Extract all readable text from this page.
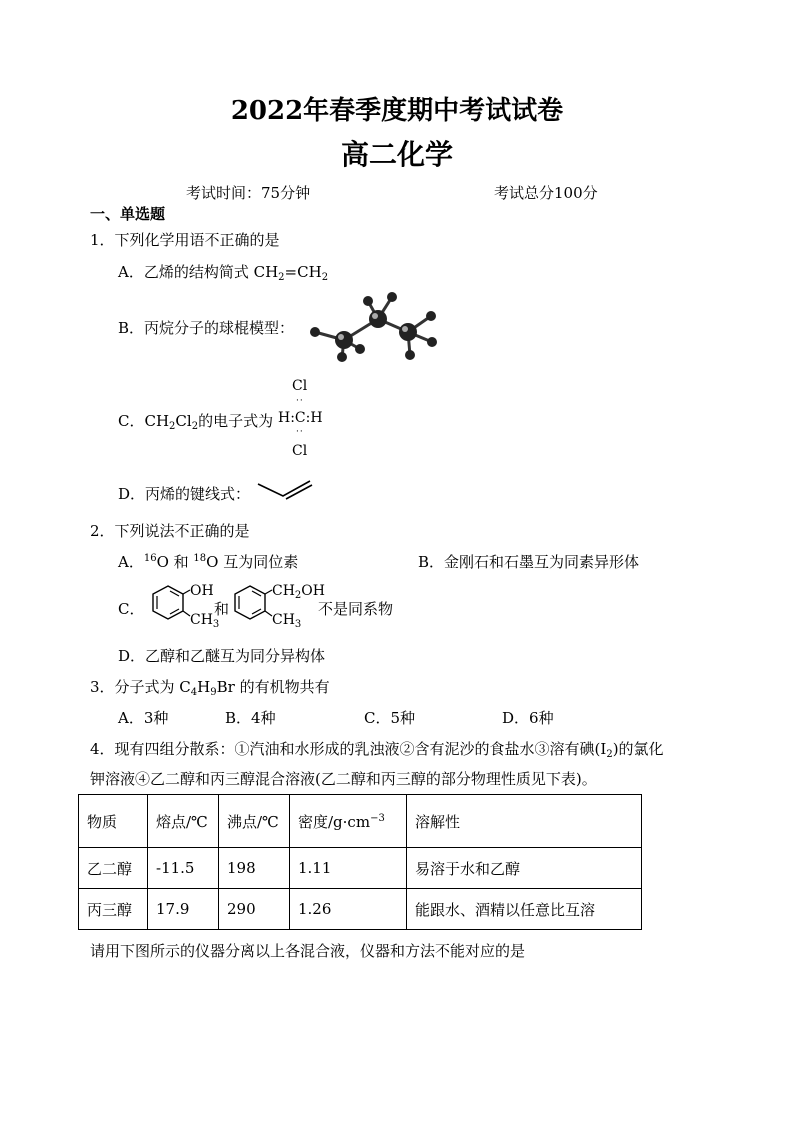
2022年春季度期中考试试卷
高二化学
考试时间：75分钟	考试总分100分
一、单选题
1．下列化学用语不正确的是
A．乙烯的结构简式 $CH_2=CH_2$
B．丙烷分子的球棍模型：
C．$CH_2Cl_2$的电子式为
Cl
··
H:C:H
··
Cl
D．丙烯的键线式：
2．下列说法不正确的是
A．$^{16}$O 和 $^{18}$O 互为同位素	B．金刚石和石墨互为同素异形体
C．
OH
$CH_3$
和
$CH_2OH$
$CH_3$
不是同系物
D．乙醇和乙醚互为同分异构体
3．分子式为 $C_4H_9Br$ 的有机物共有
A．3种	B．4种	C．5种	D．6种
4．现有四组分散系：①汽油和水形成的乳浊液②含有泥沙的食盐水③溶有碘$(I_2)$的氯化
钾溶液④乙二醇和丙三醇混合溶液(乙二醇和丙三醇的部分物理性质见下表)。
物质	熔点/℃	沸点/℃	密度$/g\cdot cm^{-3}$	溶解性
乙二醇	-11.5	198	1.11	易溶于水和乙醇
丙三醇	17.9	290	1.26	能跟水、酒精以任意比互溶
请用下图所示的仪器分离以上各混合液，仪器和方法不能对应的是
